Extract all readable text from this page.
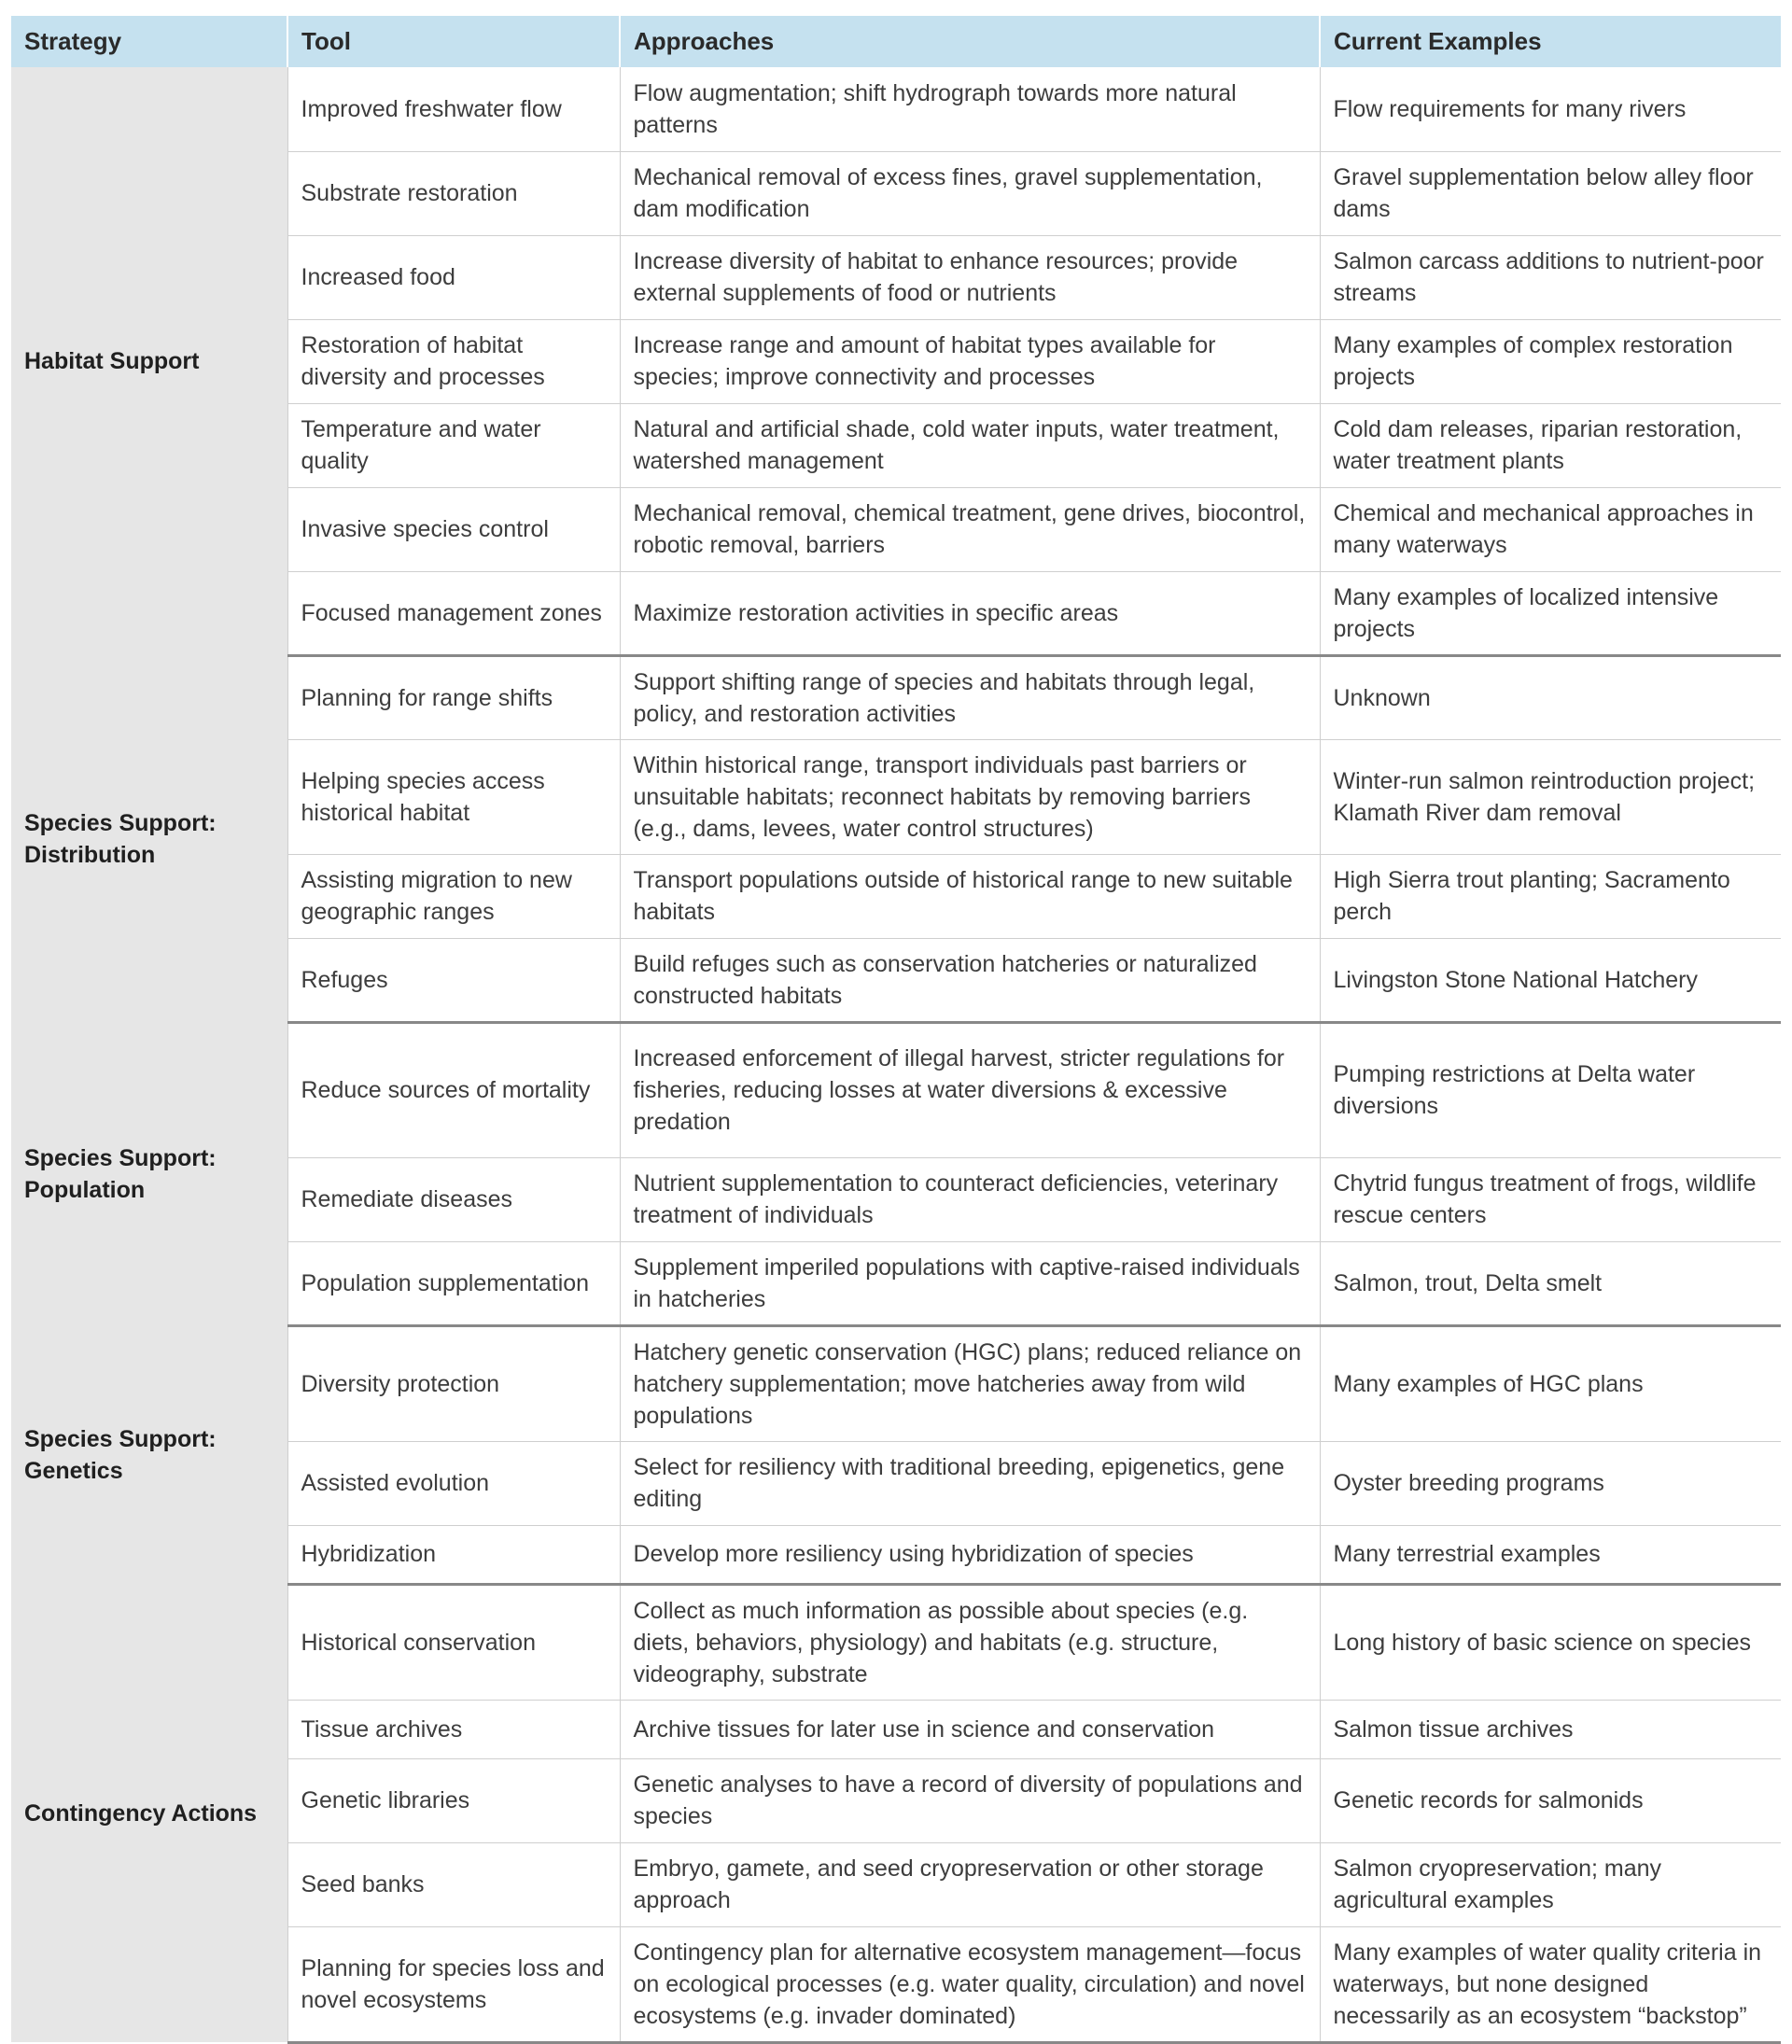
Strategy	Tool	Approaches	Current Examples
Habitat Support	Improved freshwater flow	Flow augmentation; shift hydrograph towards more natural patterns	Flow requirements for many rivers
	Substrate restoration	Mechanical removal of excess fines, gravel supplementation, dam modification	Gravel supplementation below alley floor dams
	Increased food	Increase diversity of habitat to enhance resources; provide external supplements of food or nutrients	Salmon carcass additions to nutrient-poor streams
	Restoration of habitat diversity and processes	Increase range and amount of habitat types available for species; improve connectivity and processes	Many examples of complex restoration projects
	Temperature and water quality	Natural and artificial shade, cold water inputs, water treatment, watershed management	Cold dam releases, riparian restoration, water treatment plants
	Invasive species control	Mechanical removal, chemical treatment, gene drives, biocontrol, robotic removal, barriers	Chemical and mechanical approaches in many waterways
	Focused management zones	Maximize restoration activities in specific areas	Many examples of localized intensive projects
Species Support: Distribution	Planning for range shifts	Support shifting range of species and habitats through legal, policy, and restoration activities	Unknown
	Helping species access historical habitat	Within historical range, transport individuals past barriers or unsuitable habitats; reconnect habitats by removing barriers (e.g., dams, levees, water control structures)	Winter-run salmon reintroduction project; Klamath River dam removal
	Assisting migration to new geographic ranges	Transport populations outside of historical range to new suitable habitats	High Sierra trout planting; Sacramento perch
	Refuges	Build refuges such as conservation hatcheries or naturalized constructed habitats	Livingston Stone National Hatchery
Species Support: Population	Reduce sources of mortality	Increased enforcement of illegal harvest, stricter regulations for fisheries, reducing losses at water diversions & excessive predation	Pumping restrictions at Delta water diversions
	Remediate diseases	Nutrient supplementation to counteract deficiencies, veterinary treatment of individuals	Chytrid fungus treatment of frogs, wildlife rescue centers
	Population supplementation	Supplement imperiled populations with captive-raised individuals in hatcheries	Salmon, trout, Delta smelt
Species Support: Genetics	Diversity protection	Hatchery genetic conservation (HGC) plans; reduced reliance on hatchery supplementation; move hatcheries away from wild populations	Many examples of HGC plans
	Assisted evolution	Select for resiliency with traditional breeding, epigenetics, gene editing	Oyster breeding programs
	Hybridization	Develop more resiliency using hybridization of species	Many terrestrial examples
Contingency Actions	Historical conservation	Collect as much information as possible about species (e.g. diets, behaviors, physiology) and habitats (e.g. structure, videography, substrate	Long history of basic science on species
	Tissue archives	Archive tissues for later use in science and conservation	Salmon tissue archives
	Genetic libraries	Genetic analyses to have a record of diversity of populations and species	Genetic records for salmonids
	Seed banks	Embryo, gamete, and seed cryopreservation or other storage approach	Salmon cryopreservation; many agricultural examples
	Planning for species loss and novel ecosystems	Contingency plan for alternative ecosystem management—focus on ecological processes (e.g. water quality, circulation) and novel ecosystems (e.g. invader dominated)	Many examples of water quality criteria in waterways, but none designed necessarily as an ecosystem “backstop”
